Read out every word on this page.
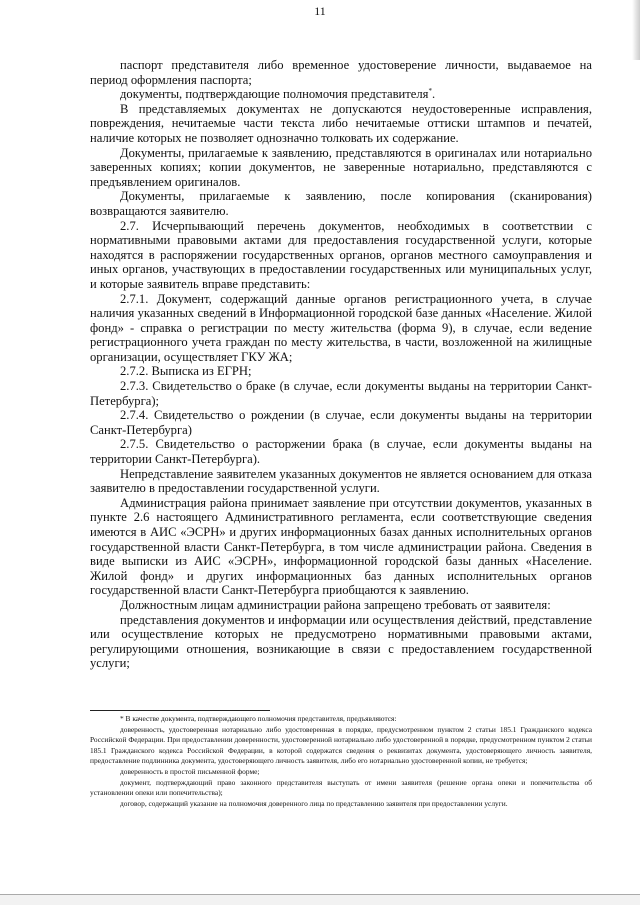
11

паспорт представителя либо временное удостоверение личности, выдаваемое на период оформления паспорта;

документы, подтверждающие полномочия представителя*.

В представляемых документах не допускаются неудостоверенные исправления, повреждения, нечитаемые части текста либо нечитаемые оттиски штампов и печатей, наличие которых не позволяет однозначно толковать их содержание.

Документы, прилагаемые к заявлению, представляются в оригиналах или нотариально заверенных копиях; копии документов, не заверенные нотариально, представляются с предъявлением оригиналов.

Документы, прилагаемые к заявлению, после копирования (сканирования) возвращаются заявителю.

2.7. Исчерпывающий перечень документов, необходимых в соответствии с нормативными правовыми актами для предоставления государственной услуги, которые находятся в распоряжении государственных органов, органов местного самоуправления и иных органов, участвующих в предоставлении государственных или муниципальных услуг, и которые заявитель вправе представить:

2.7.1. Документ, содержащий данные органов регистрационного учета, в случае наличия указанных сведений в Информационной городской базе данных «Население. Жилой фонд» - справка о регистрации по месту жительства (форма 9), в случае, если ведение регистрационного учета граждан по месту жительства, в части, возложенной на жилищные организации, осуществляет ГКУ ЖА;

2.7.2. Выписка из ЕГРН;

2.7.3. Свидетельство о браке (в случае, если документы выданы на территории Санкт-Петербурга);

2.7.4. Свидетельство о рождении (в случае, если документы выданы на территории Санкт-Петербурга)

2.7.5. Свидетельство о расторжении брака (в случае, если документы выданы на территории Санкт-Петербурга).

Непредставление заявителем указанных документов не является основанием для отказа заявителю в предоставлении государственной услуги.

Администрация района принимает заявление при отсутствии документов, указанных в пункте 2.6 настоящего Административного регламента, если соответствующие сведения имеются в АИС «ЭСРН» и других информационных базах данных исполнительных органов государственной власти Санкт-Петербурга, в том числе администрации района. Сведения в виде выписки из АИС «ЭСРН», информационной городской базы данных «Население. Жилой фонд» и других информационных баз данных исполнительных органов государственной власти Санкт-Петербурга приобщаются к заявлению.

Должностным лицам администрации района запрещено требовать от заявителя:

представления документов и информации или осуществления действий, представление или осуществление которых не предусмотрено нормативными правовыми актами, регулирующими отношения, возникающие в связи с предоставлением государственной услуги;

* В качестве документа, подтверждающего полномочия представителя, предъявляются:

доверенность, удостоверенная нотариально либо удостоверенная в порядке, предусмотренном пунктом 2 статьи 185.1 Гражданского кодекса Российской Федерации. При предоставлении доверенности, удостоверенной нотариально либо удостоверенной в порядке, предусмотренном пунктом 2 статьи 185.1 Гражданского кодекса Российской Федерации, в которой содержатся сведения о реквизитах документа, удостоверяющего личность заявителя, предоставление подлинника документа, удостоверяющего личность заявителя, либо его нотариально удостоверенной копии, не требуется;

доверенность в простой письменной форме;

документ, подтверждающий право законного представителя выступать от имени заявителя (решение органа опеки и попечительства об установлении опеки или попечительства);

договор, содержащий указание на полномочия доверенного лица по представлению заявителя при предоставлении услуги.
